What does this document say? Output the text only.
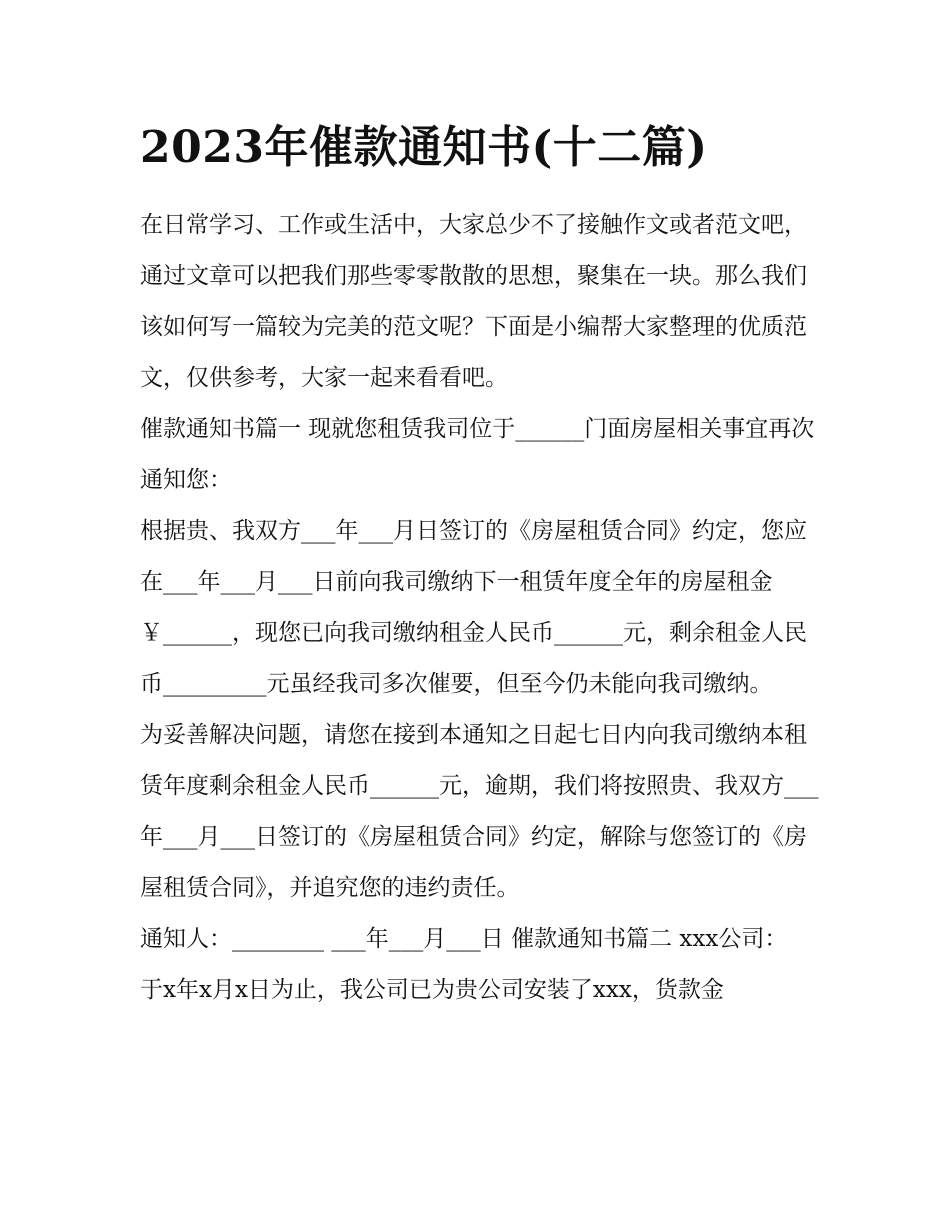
2023年催款通知书(十二篇)

在日常学习、工作或生活中，大家总少不了接触作文或者范文吧，通过文章可以把我们那些零零散散的思想，聚集在一块。那么我们该如何写一篇较为完美的范文呢？下面是小编帮大家整理的优质范文，仅供参考，大家一起来看看吧。

催款通知书篇一 现就您租赁我司位于______门面房屋相关事宜再次通知您：

根据贵、我双方___年___月日签订的《房屋租赁合同》约定，您应在___年___月___日前向我司缴纳下一租赁年度全年的房屋租金￥______，现您已向我司缴纳租金人民币______元，剩余租金人民币_________元虽经我司多次催要，但至今仍未能向我司缴纳。

为妥善解决问题，请您在接到本通知之日起七日内向我司缴纳本租赁年度剩余租金人民币______元，逾期，我们将按照贵、我双方___年___月___日签订的《房屋租赁合同》约定，解除与您签订的《房屋租赁合同》，并追究您的违约责任。

通知人：________ ___年___月___日 催款通知书篇二 xxx公司：

于x年x月x日为止，我公司已为贵公司安装了xxx，货款金
